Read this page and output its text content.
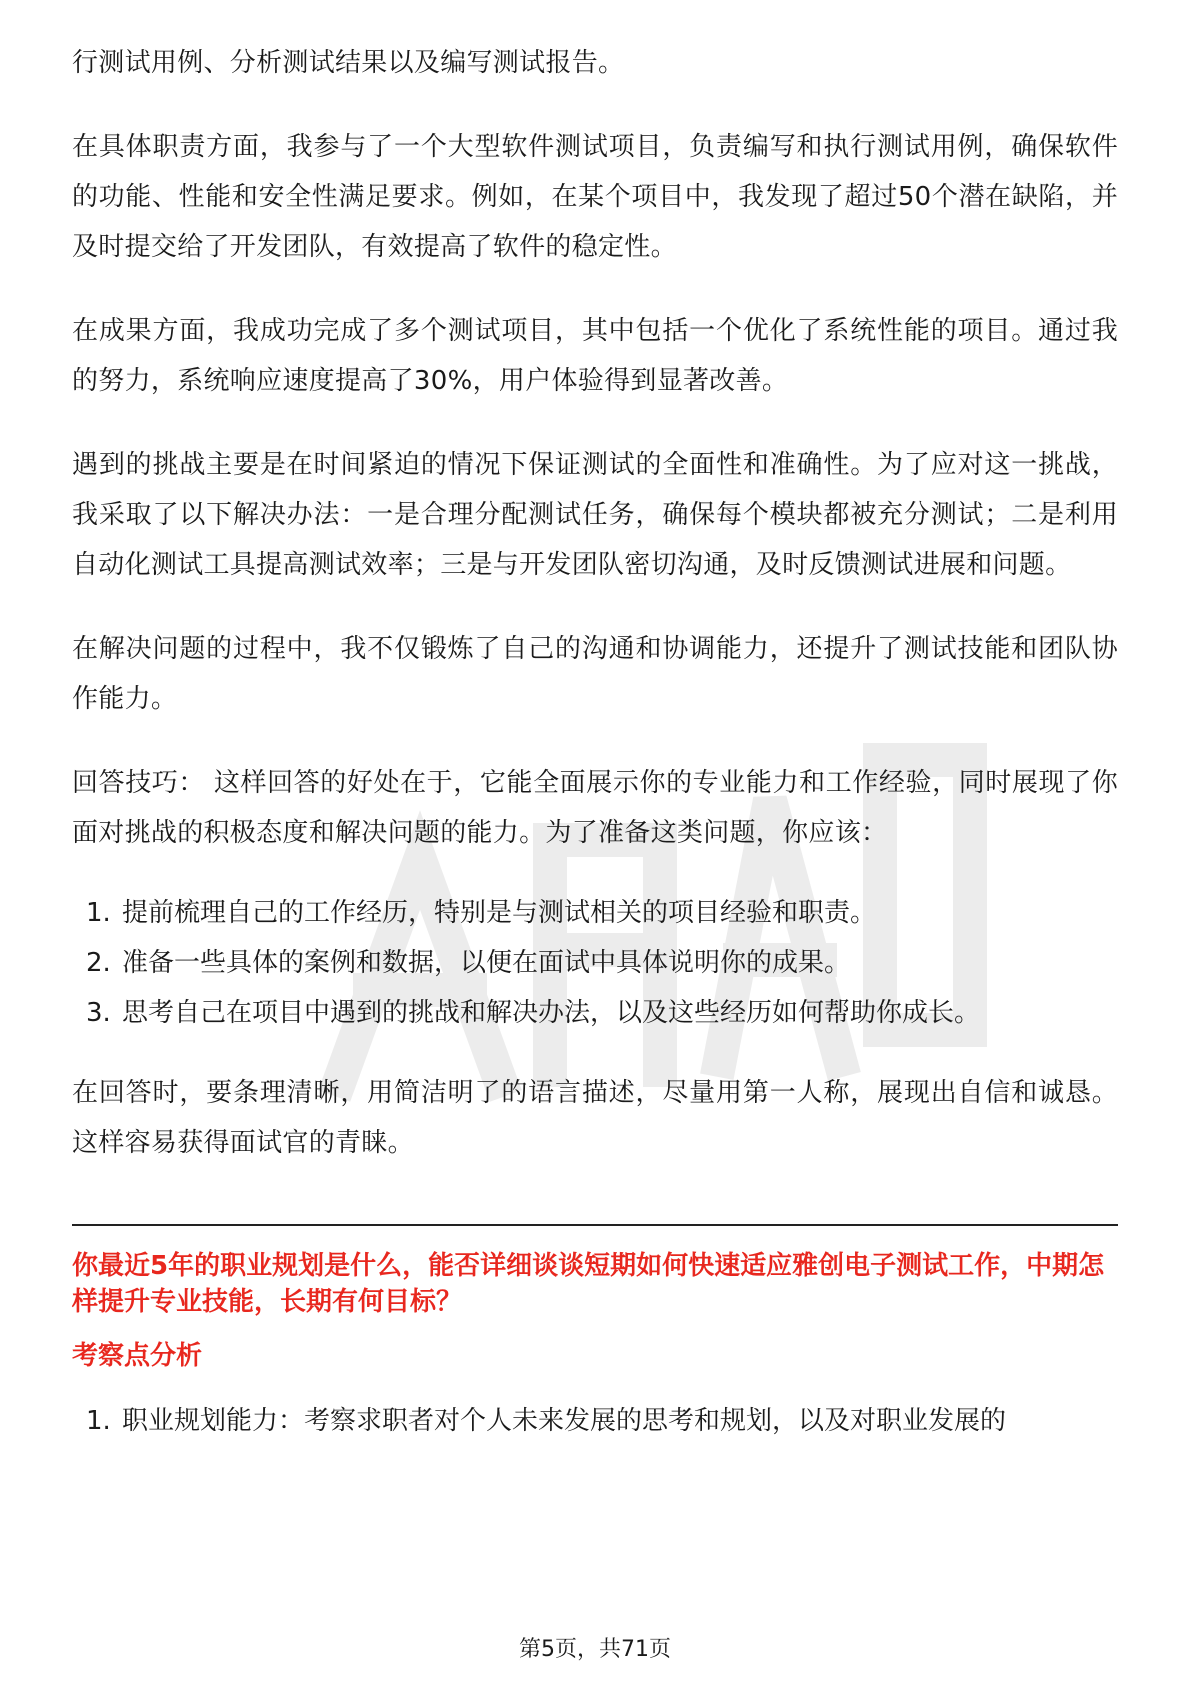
行测试用例、分析测试结果以及编写测试报告。

在具体职责方面，我参与了一个大型软件测试项目，负责编写和执行测试用例，确保软件的功能、性能和安全性满足要求。例如，在某个项目中，我发现了超过50个潜在缺陷，并及时提交给了开发团队，有效提高了软件的稳定性。

在成果方面，我成功完成了多个测试项目，其中包括一个优化了系统性能的项目。通过我的努力，系统响应速度提高了30%，用户体验得到显著改善。

遇到的挑战主要是在时间紧迫的情况下保证测试的全面性和准确性。为了应对这一挑战，我采取了以下解决办法：一是合理分配测试任务，确保每个模块都被充分测试；二是利用自动化测试工具提高测试效率；三是与开发团队密切沟通，及时反馈测试进展和问题。

在解决问题的过程中，我不仅锻炼了自己的沟通和协调能力，还提升了测试技能和团队协作能力。

回答技巧： 这样回答的好处在于，它能全面展示你的专业能力和工作经验，同时展现了你面对挑战的积极态度和解决问题的能力。为了准备这类问题，你应该：

1. 提前梳理自己的工作经历，特别是与测试相关的项目经验和职责。
2. 准备一些具体的案例和数据，以便在面试中具体说明你的成果。
3. 思考自己在项目中遇到的挑战和解决办法，以及这些经历如何帮助你成长。

在回答时，要条理清晰，用简洁明了的语言描述，尽量用第一人称，展现出自信和诚恳。这样容易获得面试官的青睐。

你最近5年的职业规划是什么，能否详细谈谈短期如何快速适应雅创电子测试工作，中期怎样提升专业技能，长期有何目标？
考察点分析
1. 职业规划能力：考察求职者对个人未来发展的思考和规划，以及对职业发展的
第5页，共71页
